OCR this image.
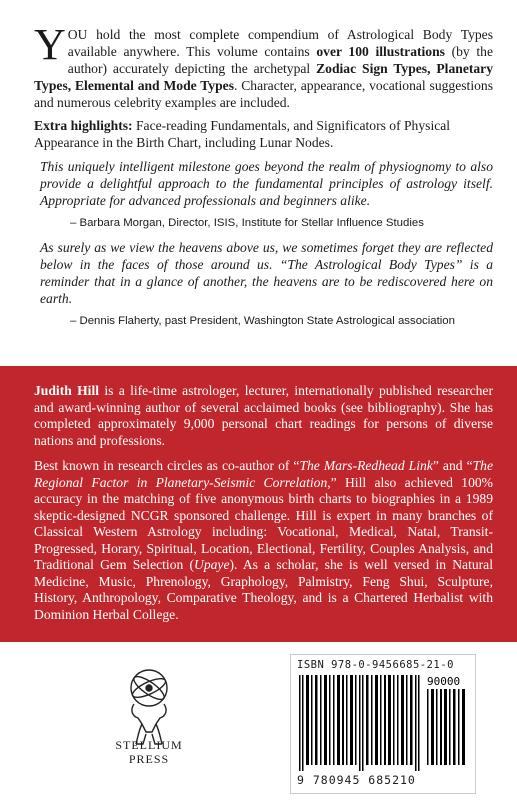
YOU hold the most complete compendium of Astrological Body Types available anywhere. This volume contains over 100 illustrations (by the author) accurately depicting the archetypal Zodiac Sign Types, Planetary Types, Elemental and Mode Types. Character, appearance, vocational suggestions and numerous celebrity examples are included.

Extra highlights: Face-reading Fundamentals, and Significators of Physical Appearance in the Birth Chart, including Lunar Nodes.

This uniquely intelligent milestone goes beyond the realm of physiognomy to also provide a delightful approach to the fundamental principles of astrology itself. Appropriate for advanced professionals and beginners alike.

– Barbara Morgan, Director, ISIS, Institute for Stellar Influence Studies

As surely as we view the heavens above us, we sometimes forget they are reflected below in the faces of those around us. “The Astrological Body Types” is a reminder that in a glance of another, the heavens are to be rediscovered here on earth.

– Dennis Flaherty, past President, Washington State Astrological association

Judith Hill is a life-time astrologer, lecturer, internationally published researcher and award-winning author of several acclaimed books (see bibliography). She has completed approximately 9,000 personal chart readings for persons of diverse nations and professions.

Best known in research circles as co-author of “The Mars-Redhead Link” and “The Regional Factor in Planetary-Seismic Correlation,” Hill also achieved 100% accuracy in the matching of five anonymous birth charts to biographies in a 1989 skeptic-designed NCGR sponsored challenge. Hill is expert in many branches of Classical Western Astrology including: Vocational, Medical, Natal, Transit-Progressed, Horary, Spiritual, Location, Electional, Fertility, Couples Analysis, and Traditional Gem Selection (Upaye). As a scholar, she is well versed in Natural Medicine, Music, Phrenology, Graphology, Palmistry, Feng Shui, Sculpture, History, Anthropology, Comparative Theology, and is a Chartered Herbalist with Dominion Herbal College.

STELLIUM
PRESS
ISBN 978-0-9456685-21-0
90000
9 780945 685210
